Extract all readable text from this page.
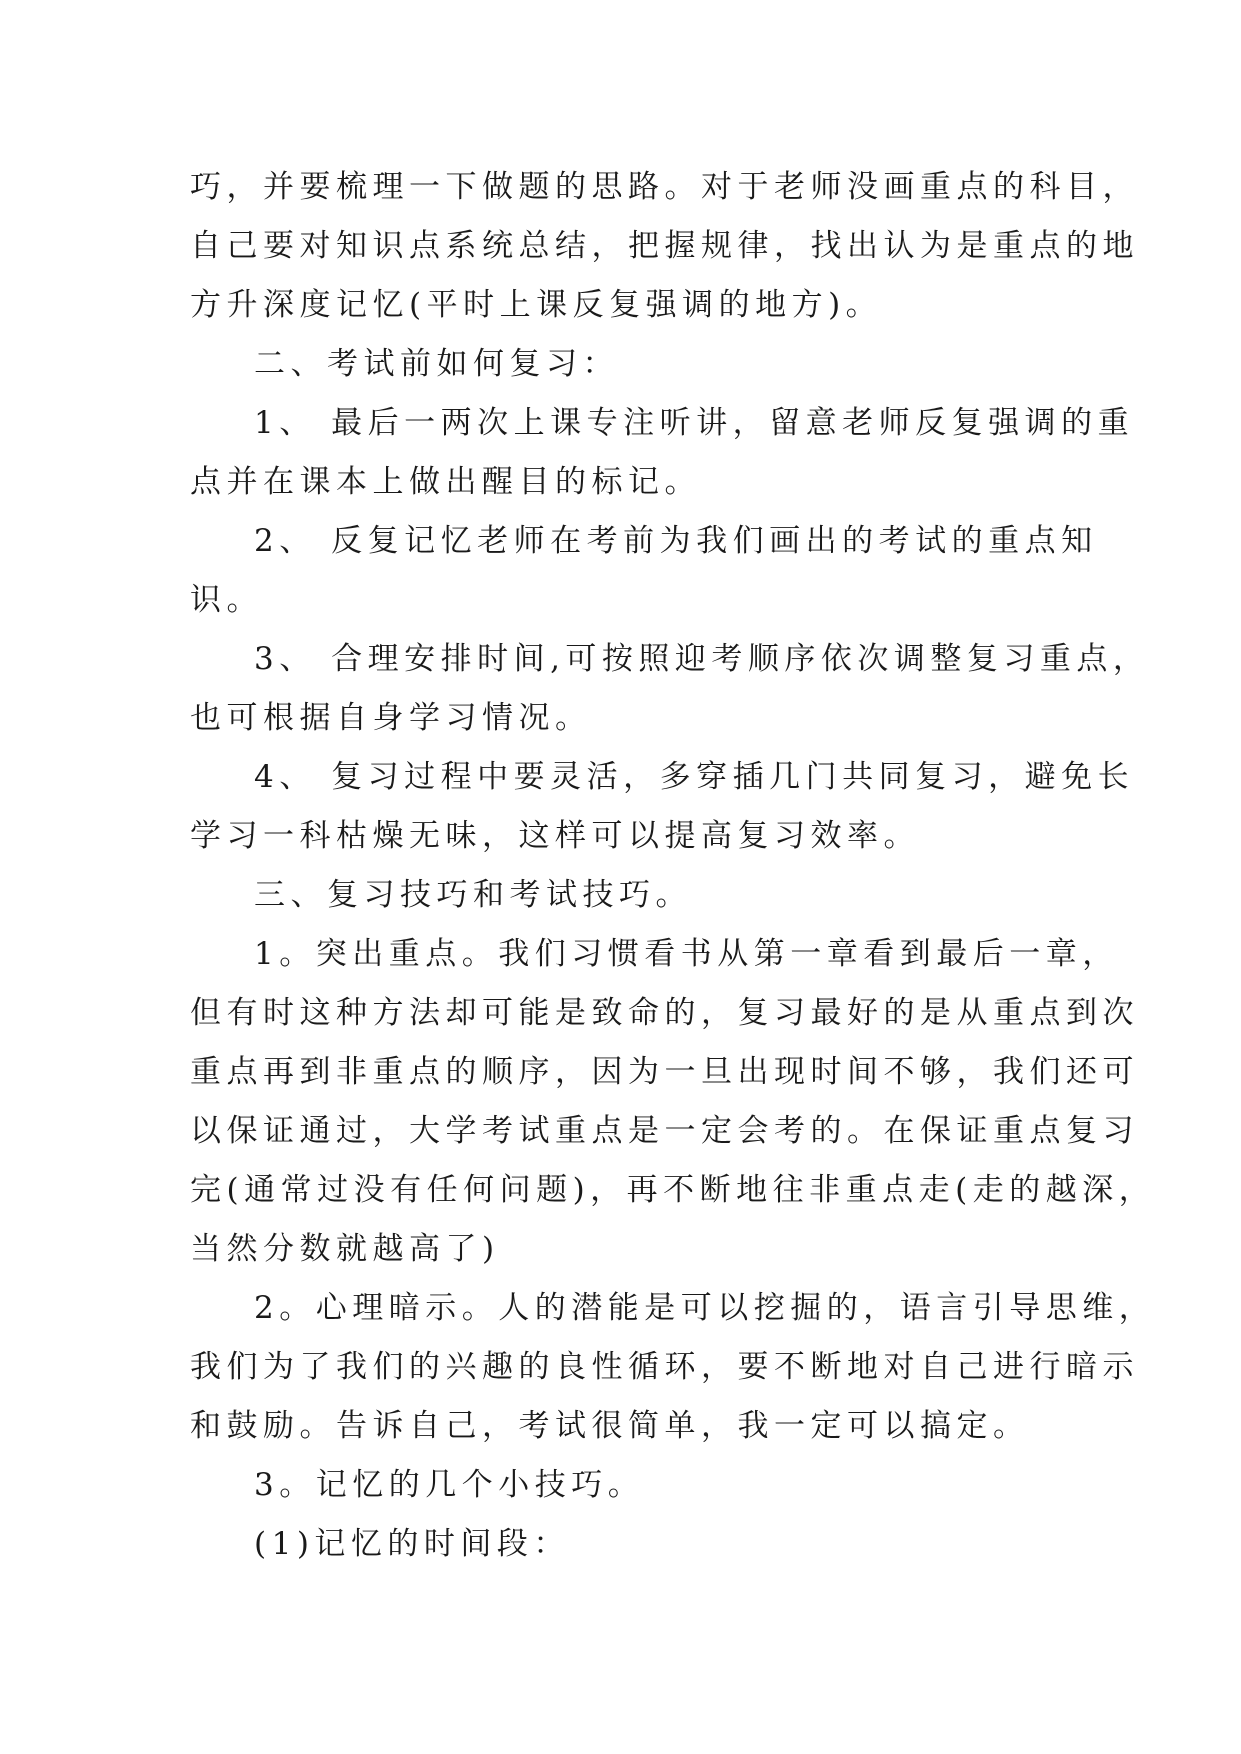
巧，并要梳理一下做题的思路。对于老师没画重点的科目，
自己要对知识点系统总结，把握规律，找出认为是重点的地
方升深度记忆(平时上课反复强调的地方)。
二、考试前如何复习：
1、 最后一两次上课专注听讲，留意老师反复强调的重
点并在课本上做出醒目的标记。
2、 反复记忆老师在考前为我们画出的考试的重点知
识。
3、 合理安排时间,可按照迎考顺序依次调整复习重点，
也可根据自身学习情况。
4、 复习过程中要灵活，多穿插几门共同复习，避免长
学习一科枯燥无味，这样可以提高复习效率。
三、复习技巧和考试技巧。
1。突出重点。我们习惯看书从第一章看到最后一章，
但有时这种方法却可能是致命的，复习最好的是从重点到次
重点再到非重点的顺序，因为一旦出现时间不够，我们还可
以保证通过，大学考试重点是一定会考的。在保证重点复习
完(通常过没有任何问题)，再不断地往非重点走(走的越深，
当然分数就越高了)
2。心理暗示。人的潜能是可以挖掘的，语言引导思维，
我们为了我们的兴趣的良性循环，要不断地对自己进行暗示
和鼓励。告诉自己，考试很简单，我一定可以搞定。
3。记忆的几个小技巧。
(1)记忆的时间段：
